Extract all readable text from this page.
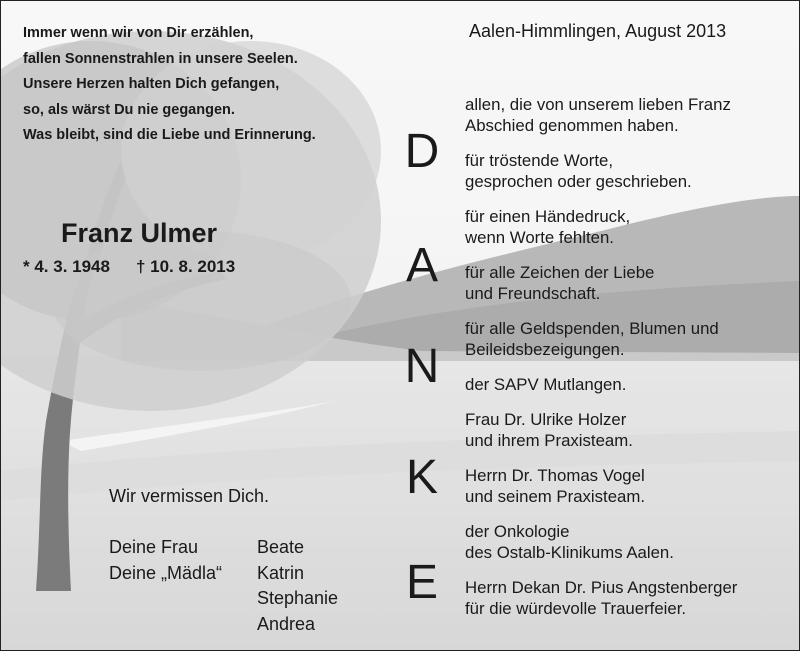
Immer wenn wir von Dir erzählen,
fallen Sonnenstrahlen in unsere Seelen.
Unsere Herzen halten Dich gefangen,
so, als wärst Du nie gegangen.
Was bleibt, sind die Liebe und Erinnerung.
Franz Ulmer
* 4. 3. 1948 † 10. 8. 2013
Aalen-Himmlingen, August 2013
D
A
N
K
E
allen, die von unserem lieben Franz
Abschied genommen haben.
für tröstende Worte,
gesprochen oder geschrieben.
für einen Händedruck,
wenn Worte fehlten.
für alle Zeichen der Liebe
und Freundschaft.
für alle Geldspenden, Blumen und
Beileidsbezeigungen.
der SAPV Mutlangen.
Frau Dr. Ulrike Holzer
und ihrem Praxisteam.
Herrn Dr. Thomas Vogel
und seinem Praxisteam.
der Onkologie
des Ostalb-Klinikums Aalen.
Herrn Dekan Dr. Pius Angstenberger
für die würdevolle Trauerfeier.
Wir vermissen Dich.
Deine Frau
Deine „Mädla“
Beate
Katrin
Stephanie
Andrea
